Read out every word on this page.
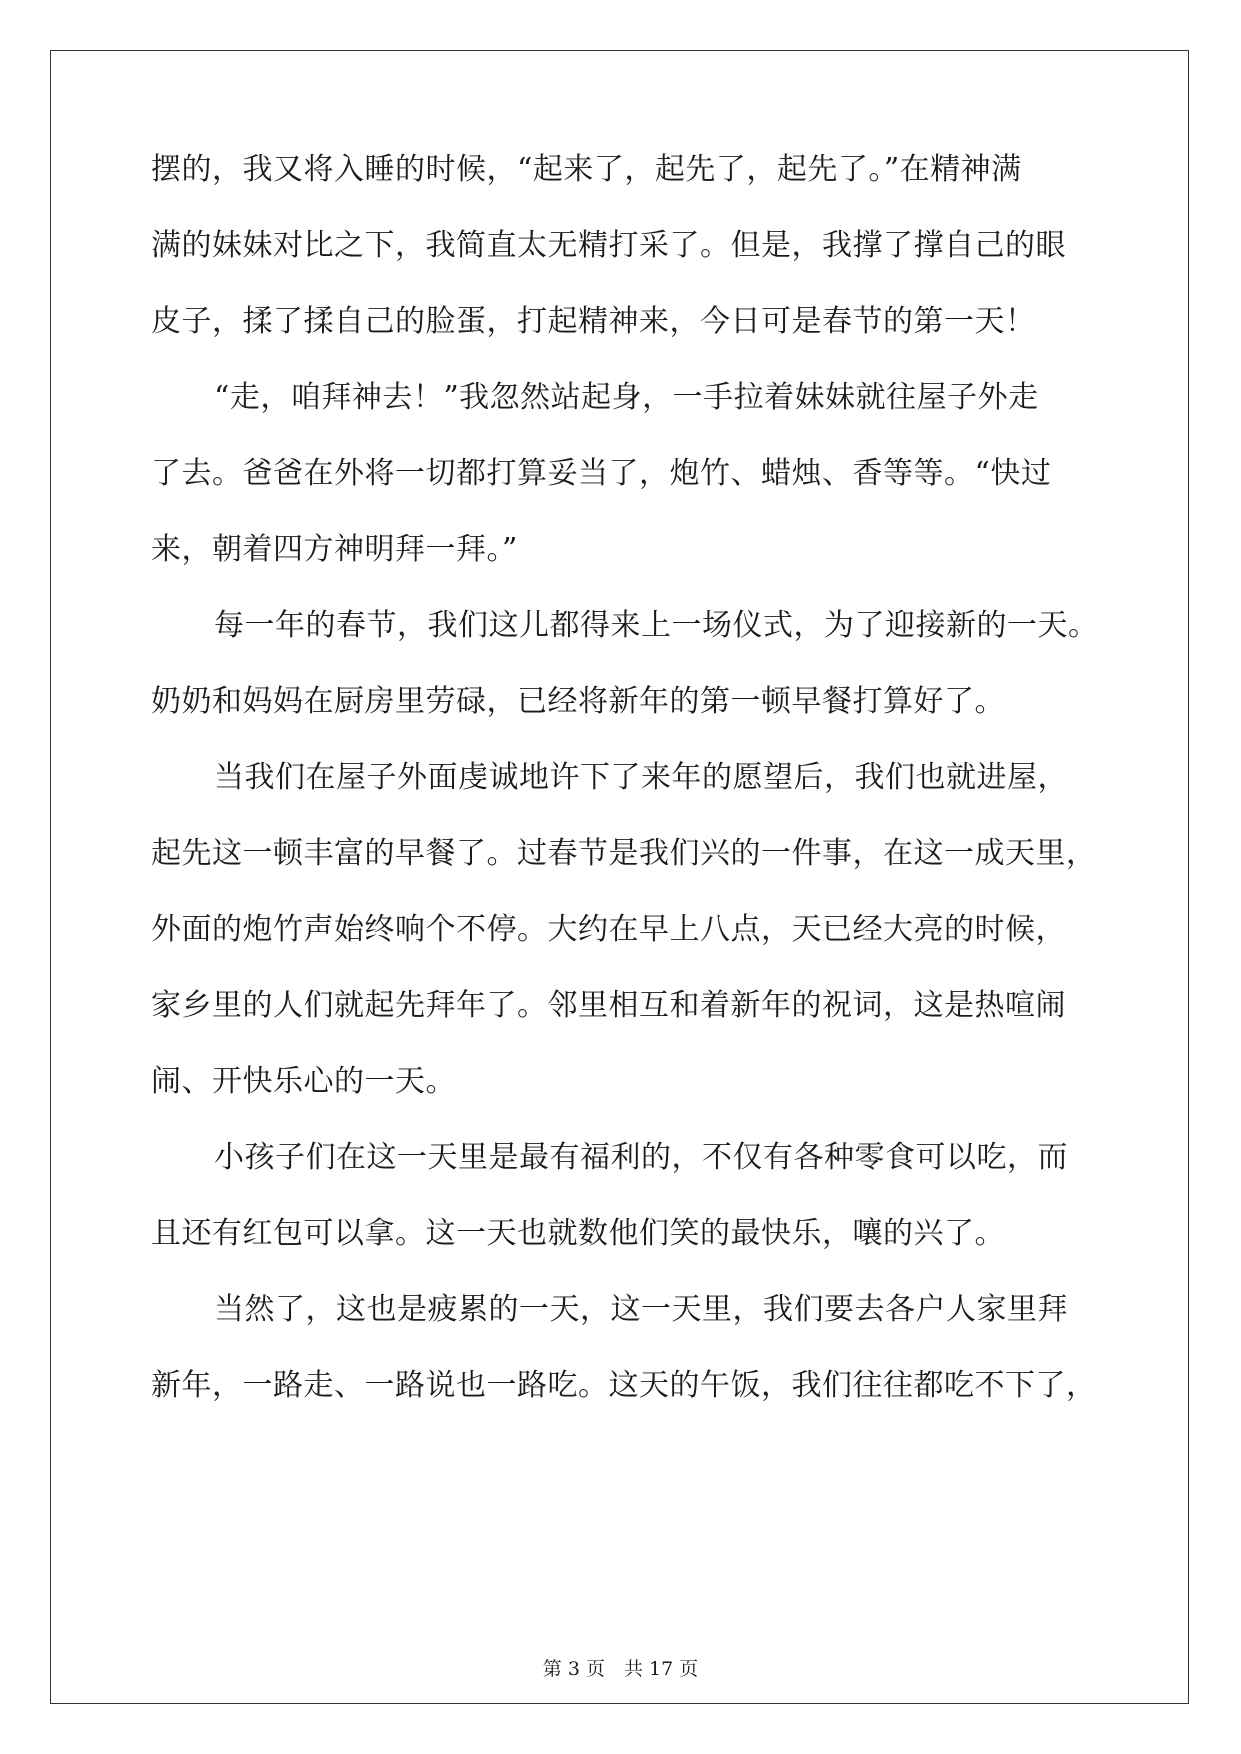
摆的，我又将入睡的时候，“起来了，起先了，起先了。”在精神满
满的妹妹对比之下，我简直太无精打采了。但是，我撑了撑自己的眼
皮子，揉了揉自己的脸蛋，打起精神来，今日可是春节的第一天！
“走，咱拜神去！”我忽然站起身，一手拉着妹妹就往屋子外走
了去。爸爸在外将一切都打算妥当了，炮竹、蜡烛、香等等。“快过
来，朝着四方神明拜一拜。”
每一年的春节，我们这儿都得来上一场仪式，为了迎接新的一天。
奶奶和妈妈在厨房里劳碌，已经将新年的第一顿早餐打算好了。
当我们在屋子外面虔诚地许下了来年的愿望后，我们也就进屋，
起先这一顿丰富的早餐了。过春节是我们兴的一件事，在这一成天里，
外面的炮竹声始终响个不停。大约在早上八点，天已经大亮的时候，
家乡里的人们就起先拜年了。邻里相互和着新年的祝词，这是热喧闹
闹、开快乐心的一天。
小孩子们在这一天里是最有福利的，不仅有各种零食可以吃，而
且还有红包可以拿。这一天也就数他们笑的最快乐，嚷的兴了。
当然了，这也是疲累的一天，这一天里，我们要去各户人家里拜
新年，一路走、一路说也一路吃。这天的午饭，我们往往都吃不下了，
第 3 页　共 17 页
